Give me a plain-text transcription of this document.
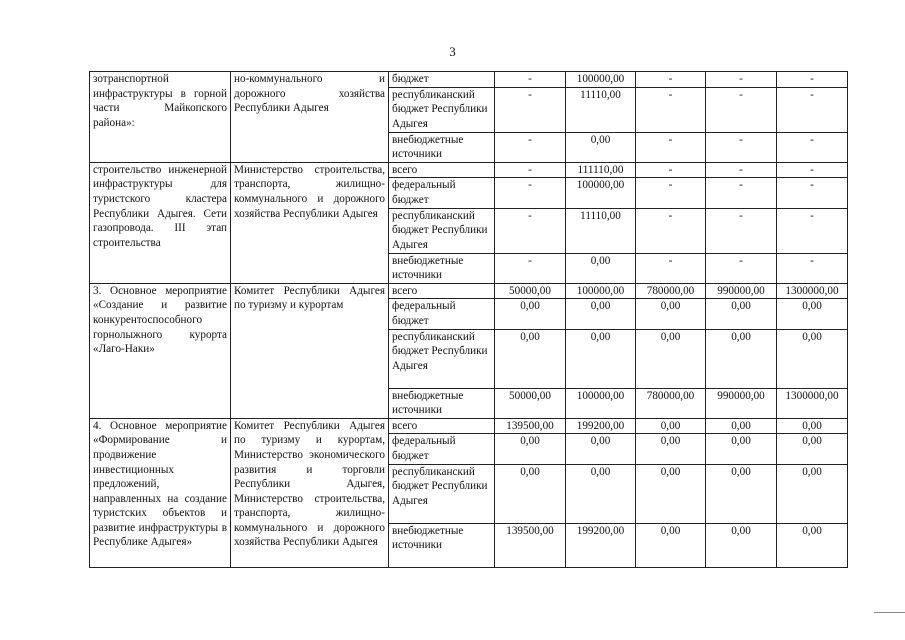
3
зотранспортной инфраструктуры в горной части Майкопского района»:	но-коммунального и дорожного хозяйства Республики Адыгея	бюджет	-	100000,00	-	-	-
		республиканский бюджет Республики Адыгея	-	11110,00	-	-	-
		внебюджетные источники	-	0,00	-	-	-
строительство инженерной инфраструктуры для туристского кластера Республики Адыгея. Сети газопровода. III этап строительства	Министерство строительства, транспорта, жилищно-коммунального и дорожного хозяйства Республики Адыгея	всего	-	111110,00	-	-	-
		федеральный бюджет	-	100000,00	-	-	-
		республиканский бюджет Республики Адыгея	-	11110,00	-	-	-
		внебюджетные источники	-	0,00	-	-	-
3. Основное мероприятие «Создание и развитие конкурентоспособного горнолыжного курорта «Лаго-Наки»	Комитет Республики Адыгея по туризму и курортам	всего	50000,00	100000,00	780000,00	990000,00	1300000,00
		федеральный бюджет	0,00	0,00	0,00	0,00	0,00
		республиканский бюджет Республики Адыгея	0,00	0,00	0,00	0,00	0,00
		внебюджетные источники	50000,00	100000,00	780000,00	990000,00	1300000,00
4. Основное мероприятие «Формирование и продвижение инвестиционных предложений, направленных на создание туристских объектов и развитие инфраструктуры в Республике Адыгея»	Комитет Республики Адыгея по туризму и курортам, Министерство экономического развития и торговли Республики Адыгея, Министерство строительства, транспорта, жилищно-коммунального и дорожного хозяйства Республики Адыгея	всего	139500,00	199200,00	0,00	0,00	0,00
		федеральный бюджет	0,00	0,00	0,00	0,00	0,00
		республиканский бюджет Республики Адыгея	0,00	0,00	0,00	0,00	0,00
		внебюджетные источники	139500,00	199200,00	0,00	0,00	0,00
